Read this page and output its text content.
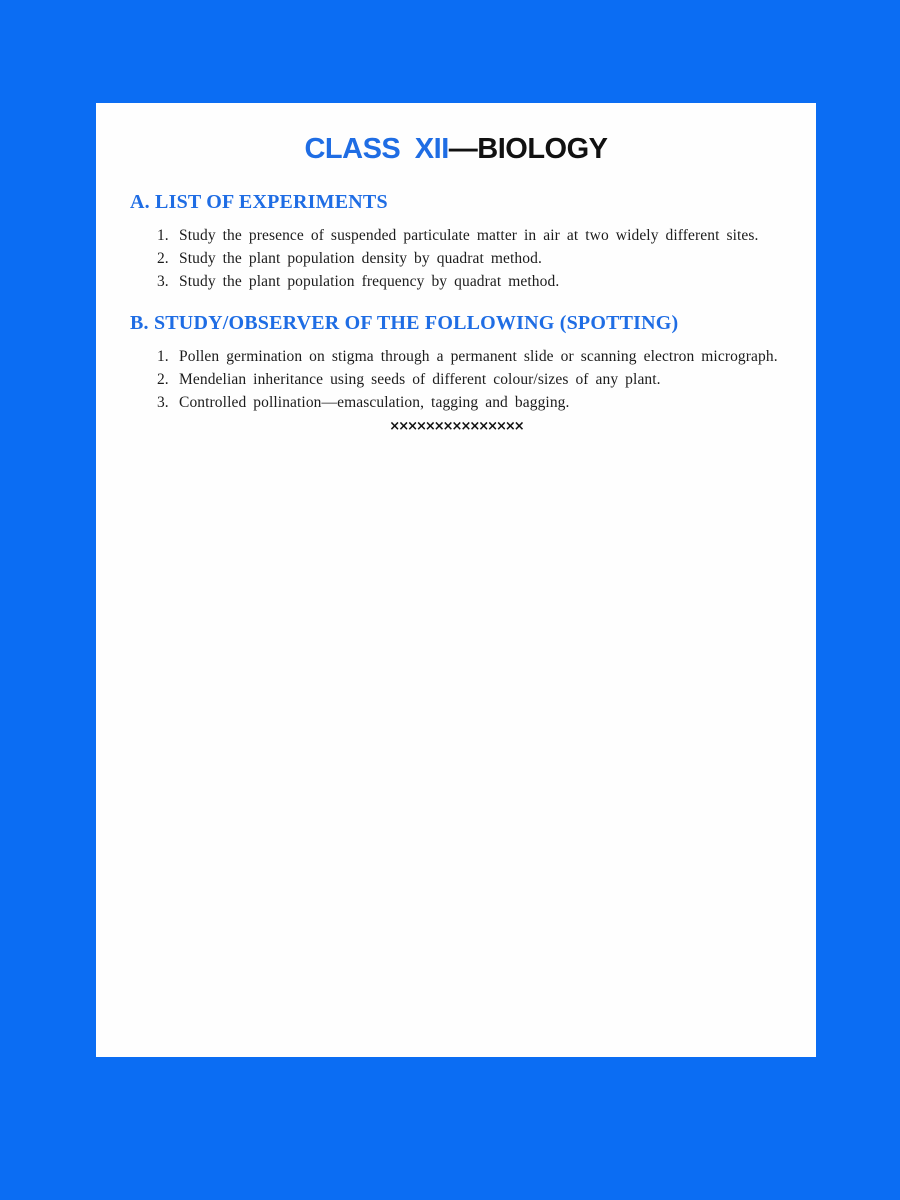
CLASS XII—BIOLOGY
A. LIST OF EXPERIMENTS
1. Study the presence of suspended particulate matter in air at two widely different sites.
2. Study the plant population density by quadrat method.
3. Study the plant population frequency by quadrat method.
B. STUDY/OBSERVER OF THE FOLLOWING (SPOTTING)
1. Pollen germination on stigma through a permanent slide or scanning electron micrograph.
2. Mendelian inheritance using seeds of different colour/sizes of any plant.
3. Controlled pollination—emasculation, tagging and bagging.
×××××××××××××××
